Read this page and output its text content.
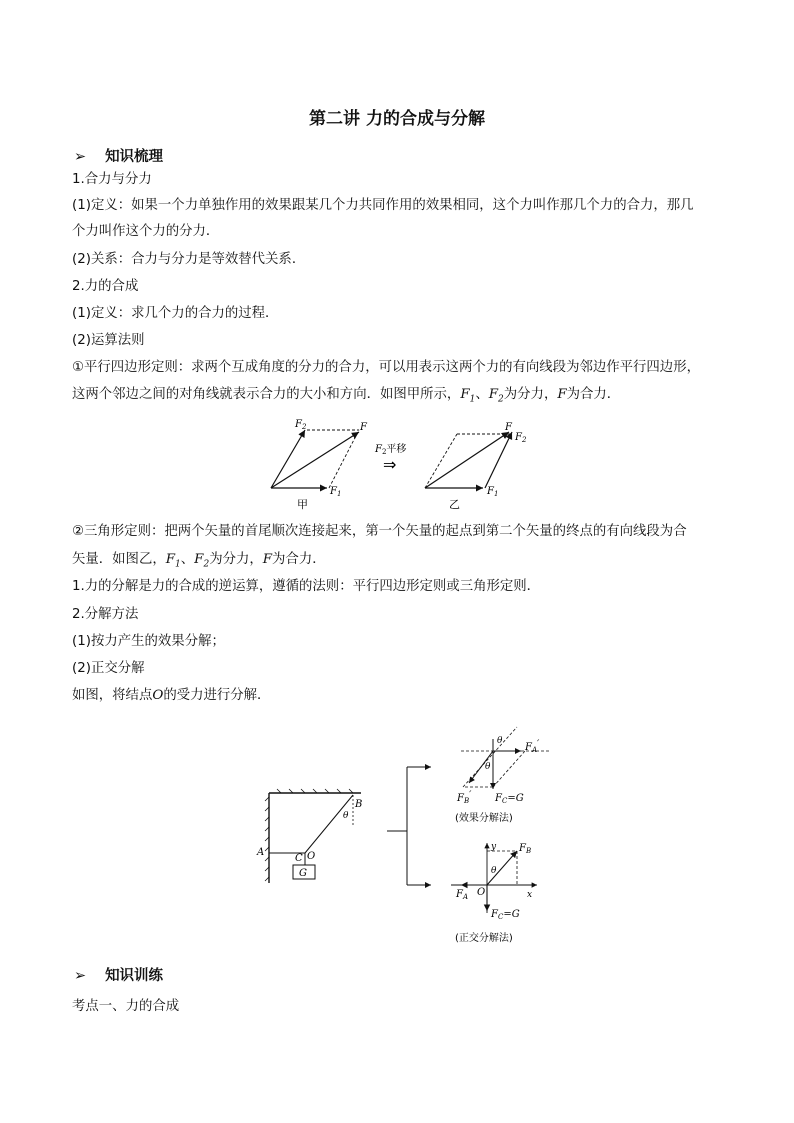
第二讲 力的合成与分解
➢ 知识梳理
1.合力与分力
(1)定义：如果一个力单独作用的效果跟某几个力共同作用的效果相同，这个力叫作那几个力的合力，那几
个力叫作这个力的分力．
(2)关系：合力与分力是等效替代关系．
2.力的合成
(1)定义：求几个力的合力的过程．
(2)运算法则
①平行四边形定则：求两个互成角度的分力的合力，可以用表示这两个力的有向线段为邻边作平行四边形，
这两个邻边之间的对角线就表示合力的大小和方向．如图甲所示，$F_1$、$F_2$为分力，F为合力．
$F_2$	F
$F_1$
甲
$F_2$平移
⇒
F
$F_2$
$F_1$
乙
②三角形定则：把两个矢量的首尾顺次连接起来，第一个矢量的起点到第二个矢量的终点的有向线段为合
矢量．如图乙，$F_1$、$F_2$为分力，F为合力．
1.力的分解是力的合成的逆运算，遵循的法则：平行四边形定则或三角形定则．
2.分解方法
(1)按力产生的效果分解；
(2)正交分解
如图，将结点O的受力进行分解．
G
A
B
θ
C O
θ
θ
$F_A'$
$F_B'$ $F_C=G$
(效果分解法)
y
x
θ
$F_B$
$F_A$ O
$F_C=G$
(正交分解法)
➢ 知识训练
考点一、力的合成
